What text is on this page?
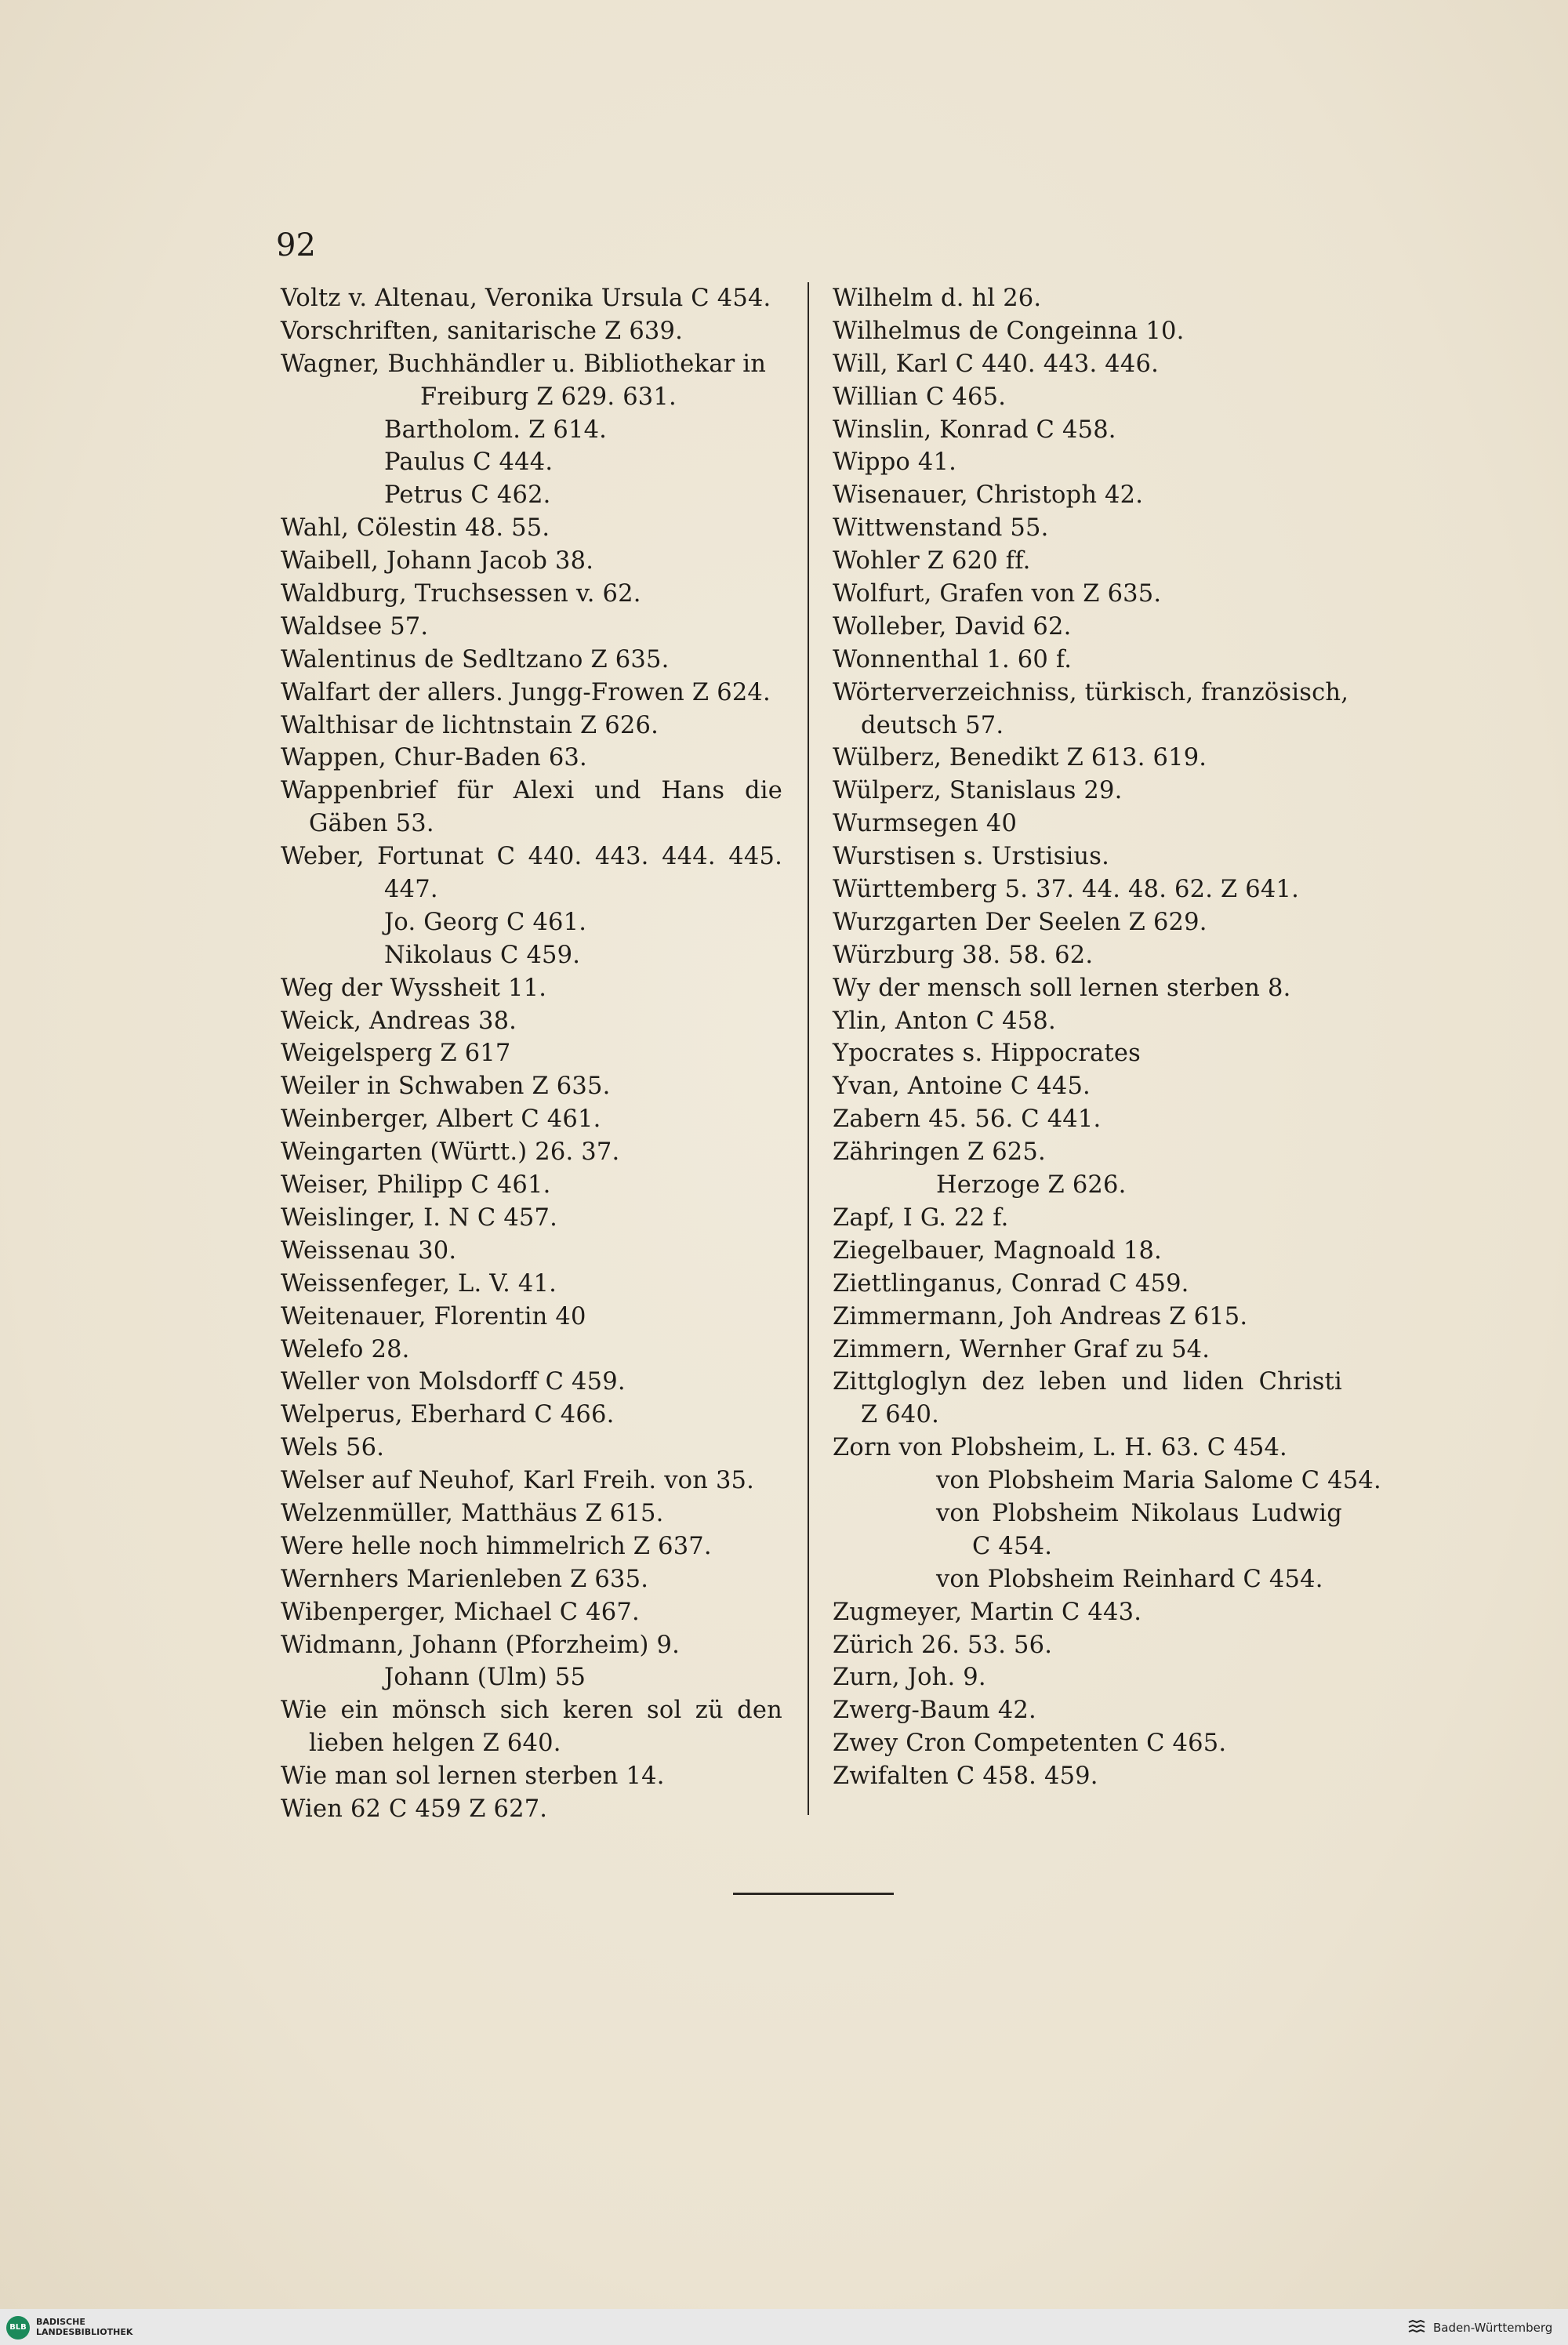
92
Voltz v. Altenau, Veronika Ursula C 454.
Vorschriften, sanitarische Z 639.
Wagner, Buchhändler u. Bibliothekar in
Freiburg Z 629. 631.
Bartholom. Z 614.
Paulus C 444.
Petrus C 462.
Wahl, Cölestin 48. 55.
Waibell, Johann Jacob 38.
Waldburg, Truchsessen v. 62.
Waldsee 57.
Walentinus de Sedltzano Z 635.
Walfart der allers. Jungg-Frowen Z 624.
Walthisar de lichtnstain Z 626.
Wappen, Chur-Baden 63.
Wappenbrief für Alexi und Hans die
Gäben 53.
Weber, Fortunat C 440. 443. 444. 445.
447.
Jo. Georg C 461.
Nikolaus C 459.
Weg der Wyssheit 11.
Weick, Andreas 38.
Weigelsperg Z 617
Weiler in Schwaben Z 635.
Weinberger, Albert C 461.
Weingarten (Württ.) 26. 37.
Weiser, Philipp C 461.
Weislinger, I. N C 457.
Weissenau 30.
Weissenfeger, L. V. 41.
Weitenauer, Florentin 40
Welefo 28.
Weller von Molsdorff C 459.
Welperus, Eberhard C 466.
Wels 56.
Welser auf Neuhof, Karl Freih. von 35.
Welzenmüller, Matthäus Z 615.
Were helle noch himmelrich Z 637.
Wernhers Marienleben Z 635.
Wibenperger, Michael C 467.
Widmann, Johann (Pforzheim) 9.
Johann (Ulm) 55
Wie ein mönsch sich keren sol zü den
lieben helgen Z 640.
Wie man sol lernen sterben 14.
Wien 62 C 459 Z 627.
Wilhelm d. hl 26.
Wilhelmus de Congeinna 10.
Will, Karl C 440. 443. 446.
Willian C 465.
Winslin, Konrad C 458.
Wippo 41.
Wisenauer, Christoph 42.
Wittwenstand 55.
Wohler Z 620 ff.
Wolfurt, Grafen von Z 635.
Wolleber, David 62.
Wonnenthal 1. 60 f.
Wörterverzeichniss, türkisch, französisch,
deutsch 57.
Wülberz, Benedikt Z 613. 619.
Wülperz, Stanislaus 29.
Wurmsegen 40
Wurstisen s. Urstisius.
Württemberg 5. 37. 44. 48. 62. Z 641.
Wurzgarten Der Seelen Z 629.
Würzburg 38. 58. 62.
Wy der mensch soll lernen sterben 8.
Ylin, Anton C 458.
Ypocrates s. Hippocrates
Yvan, Antoine C 445.
Zabern 45. 56. C 441.
Zähringen Z 625.
Herzoge Z 626.
Zapf, I G. 22 f.
Ziegelbauer, Magnoald 18.
Ziettlinganus, Conrad C 459.
Zimmermann, Joh Andreas Z 615.
Zimmern, Wernher Graf zu 54.
Zittgloglyn dez leben und liden Christi
Z 640.
Zorn von Plobsheim, L. H. 63. C 454.
von Plobsheim Maria Salome C 454.
von Plobsheim Nikolaus Ludwig
C 454.
von Plobsheim Reinhard C 454.
Zugmeyer, Martin C 443.
Zürich 26. 53. 56.
Zurn, Joh. 9.
Zwerg-Baum 42.
Zwey Cron Competenten C 465.
Zwifalten C 458. 459.
BLB
BADISCHE
LANDESBIBLIOTHEK	Baden-Württemberg
